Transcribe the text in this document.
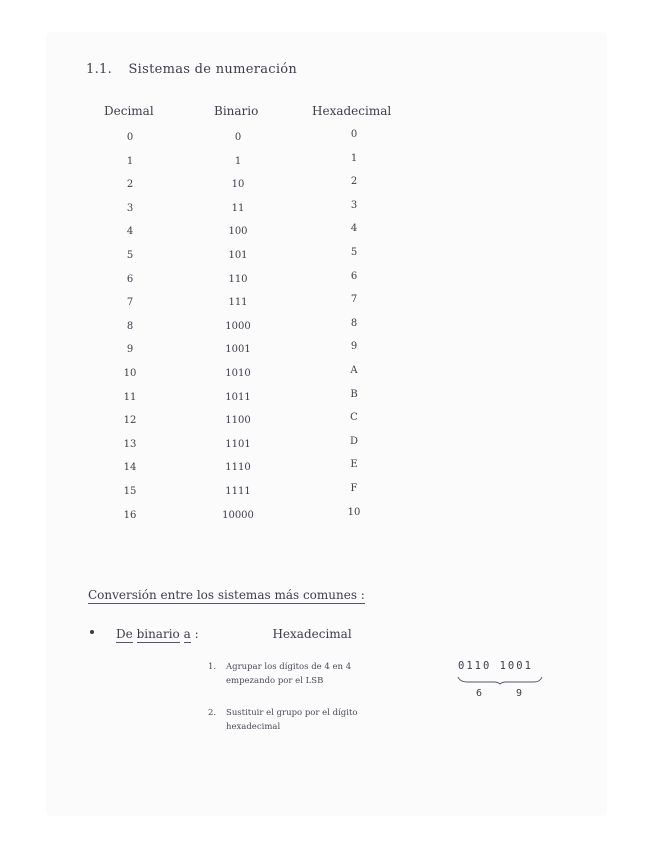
1.1. Sistemas de numeración
Decimal	Binario	Hexadecimal
0	0	0
1	1	1
2	10	2
3	11	3
4	100	4
5	101	5
6	110	6
7	111	7
8	1000	8
9	1001	9
10	1010	A
11	1011	B
12	1100	C
13	1101	D
14	1110	E
15	1111	F
16	10000	10
Conversión entre los sistemas más comunes :
De binario a :	Hexadecimal
1. Agrupar los dígitos de 4 en 4
empezando por el LSB
2. Sustituir el grupo por el dígito
hexadecimal
0110 1001
6	9
